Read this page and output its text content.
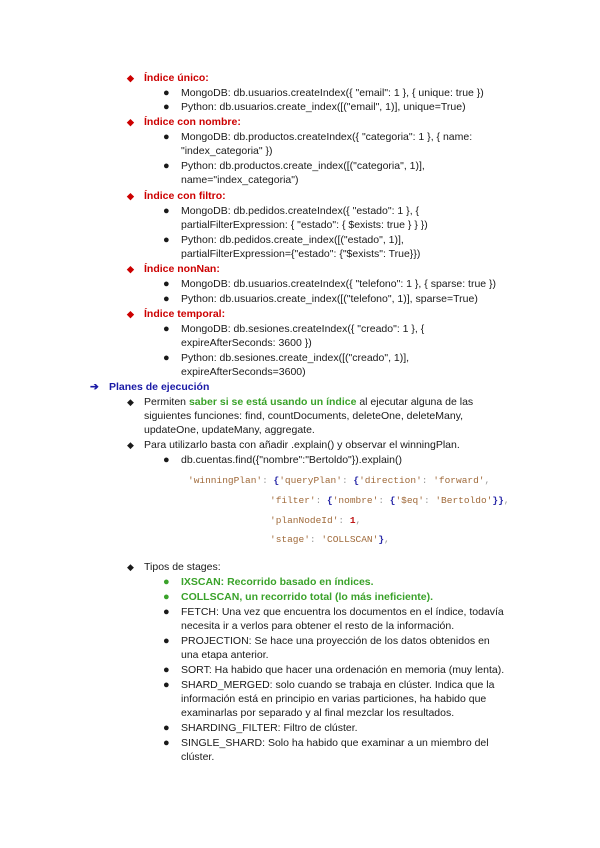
◆ Índice único:
● MongoDB: db.usuarios.createIndex({ "email": 1 }, { unique: true })
● Python: db.usuarios.create_index([("email", 1)], unique=True)
◆ Índice con nombre:
● MongoDB: db.productos.createIndex({ "categoria": 1 }, { name:
"index_categoria" })
● Python: db.productos.create_index([("categoria", 1)],
name="index_categoria")
◆ Índice con filtro:
● MongoDB: db.pedidos.createIndex({ "estado": 1 }, {
partialFilterExpression: { "estado": { $exists: true } } })
● Python: db.pedidos.create_index([("estado", 1)],
partialFilterExpression={"estado": {"$exists": True}})
◆ Índice nonNan:
● MongoDB: db.usuarios.createIndex({ "telefono": 1 }, { sparse: true })
● Python: db.usuarios.create_index([("telefono", 1)], sparse=True)
◆ Índice temporal:
● MongoDB: db.sesiones.createIndex({ "creado": 1 }, {
expireAfterSeconds: 3600 })
● Python: db.sesiones.create_index([("creado", 1)],
expireAfterSeconds=3600)
➔ Planes de ejecución
◆ Permiten saber si se está usando un índice al ejecutar alguna de las
siguientes funciones: find, countDocuments, deleteOne, deleteMany,
updateOne, updateMany, aggregate.
◆ Para utilizarlo basta con añadir .explain() y observar el winningPlan.
● db.cuentas.find({"nombre":"Bertoldo"}).explain()
'winningPlan': {'queryPlan': {'direction': 'forward',
'filter': {'nombre': {'$eq': 'Bertoldo'}},
'planNodeId': 1,
'stage': 'COLLSCAN'},
◆ Tipos de stages:
● IXSCAN: Recorrido basado en índices.
● COLLSCAN, un recorrido total (lo más ineficiente).
● FETCH: Una vez que encuentra los documentos en el índice, todavía
necesita ir a verlos para obtener el resto de la información.
● PROJECTION: Se hace una proyección de los datos obtenidos en
una etapa anterior.
● SORT: Ha habido que hacer una ordenación en memoria (muy lenta).
● SHARD_MERGED: solo cuando se trabaja en clúster. Indica que la
información está en principio en varias particiones, ha habido que
examinarlas por separado y al final mezclar los resultados.
● SHARDING_FILTER: Filtro de clúster.
● SINGLE_SHARD: Solo ha habido que examinar a un miembro del
clúster.
